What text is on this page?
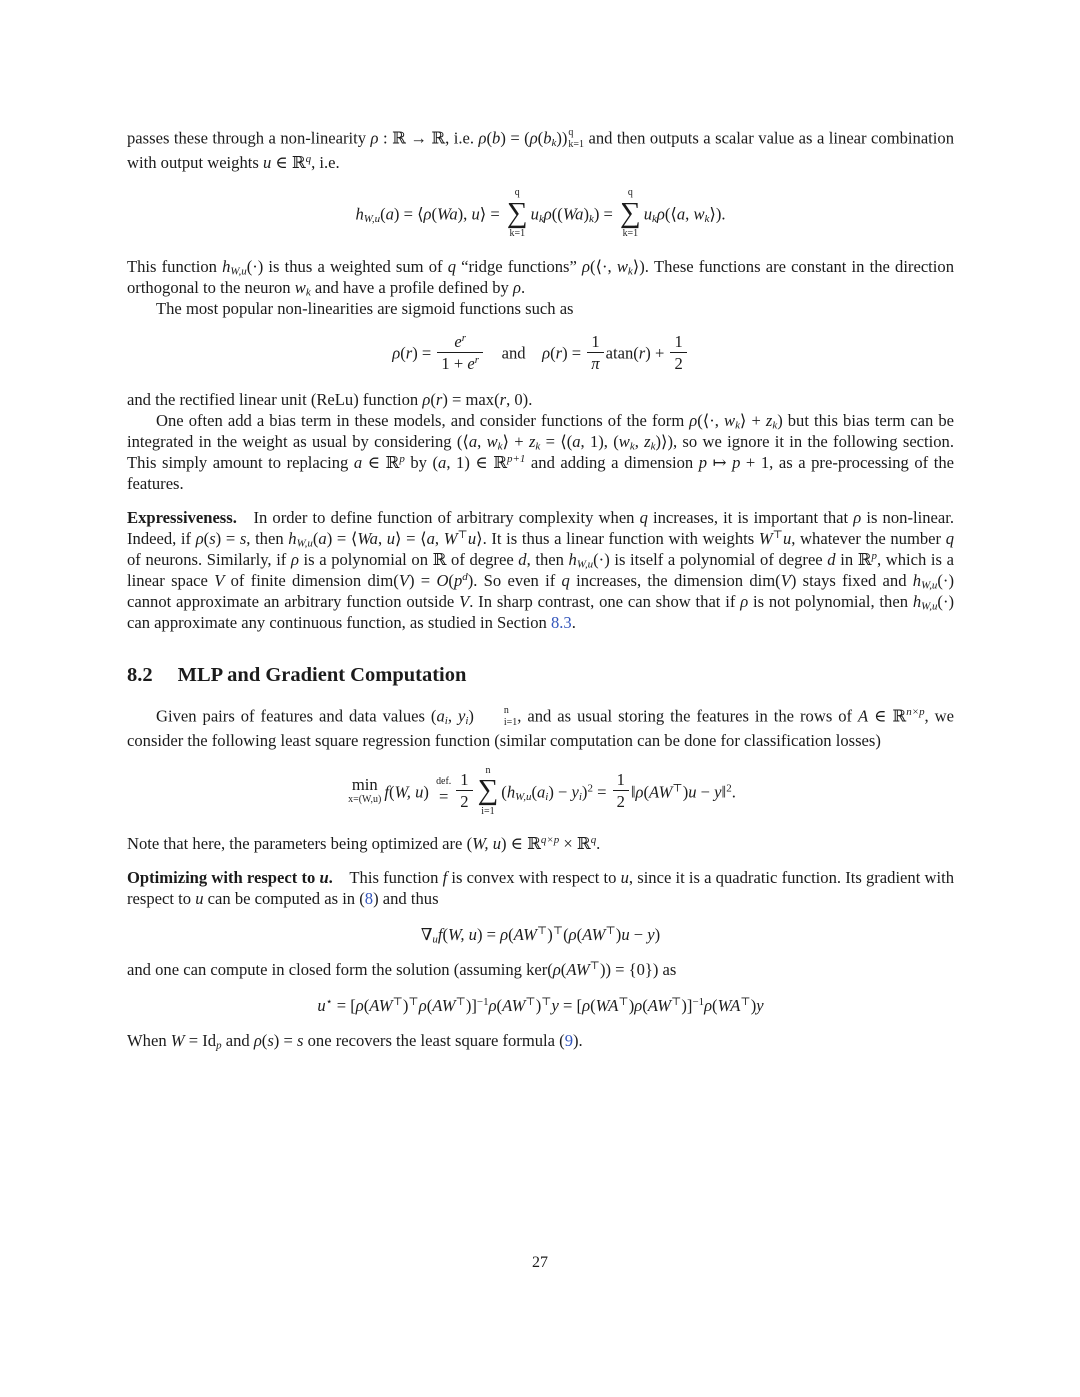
passes these through a non-linearity ρ : ℝ → ℝ, i.e. $\rho(b) = (\rho(b_k))$ q
k=1 and then outputs a scalar value as a linear combination with output weights u ∈ ℝ$^q$, i.e.

$h_{W,u}(a)$ = ⟨ρ(Wa), u⟩ =
q
∑
k=1
$u_k\rho((Wa)_k)$ =
q
∑
k=1
$u_k\rho(⟨a$, $w_k⟩$).

This function $h_{W,u}(\cdot)$ is thus a weighted sum of q “ridge functions” ρ(⟨·, $w_k⟩$). These functions are constant in the direction orthogonal to the neuron $w_k$ and have a profile defined by ρ.

The most popular non-linearities are sigmoid functions such as

$\rho(r) = \frac{e^r}{1 + e^r}$  and $\rho(r) = \frac{1}{\pi} atan(r) + \frac{1}{2}$

and the rectified linear unit (ReLu) function ρ(r) = max(r, 0).

One often add a bias term in these models, and consider functions of the form ρ(⟨·, $w_k⟩ + z_k$) but this bias term can be integrated in the weight as usual by considering (⟨a, $w_k⟩ + z_k$ = ⟨(a, 1), ($w_k$, $z_k)⟩$), so we ignore it in the following section. This simply amount to replacing a ∈ ℝ$^p$ by (a, 1) ∈ ℝ$^{p+1}$ and adding a dimension p ↦ p + 1, as a pre-processing of the features.

Expressiveness. In order to define function of arbitrary complexity when q increases, it is important that ρ is non-linear. Indeed, if ρ(s) = s, then $h_{W,u}(a)$ = ⟨Wa, u⟩ = ⟨a, W⊤u⟩. It is thus a linear function with weights W⊤u, whatever the number q of neurons. Similarly, if ρ is a polynomial on ℝ of degree d, then $h_{W,u}(\cdot)$ is itself a polynomial of degree d in ℝ$^p$, which is a linear space V of finite dimension $dim(V) = O(p^d)$. So even if q increases, the dimension dim(V) stays fixed and $h_{W,u}(\cdot)$ cannot approximate an arbitrary function outside V. In sharp contrast, one can show that if ρ is not polynomial, then $h_{W,u}(\cdot)$ can approximate any continuous function, as studied in Section 8.3.

8.2 MLP and Gradient Computation

Given pairs of features and data values ($a_i$, $y_i$)	n
i=1 , and as usual storing the features in the rows of A ∈ ℝ$^{n\times p}$, we consider the following least square regression function (similar computation can be done for classification losses)

min
x=(W,u) f(W, u)
def.
= $\frac{1}{2}$
n
∑
i=1
$(h_{W,u}(a_i) - y_i)^2 = \frac{1}{2}$ ‖ρ(AW⊤)u − y‖$^2$.

Note that here, the parameters being optimized are (W, u) ∈ ℝ$^{q\times p}$ × ℝ$^q$.

Optimizing with respect to u. This function f is convex with respect to u, since it is a quadratic function. Its gradient with respect to u can be computed as in (8) and thus

$\nabla_uf(W$, u) = ρ(AW⊤)⊤(ρ(AW⊤)u − y)

and one can compute in closed form the solution (assuming ker(ρ(AW⊤)) = {0}) as

$u^⋆ = [\rho(AW^⊤)^⊤\rho(AW^⊤)]^{-1}\rho(AW^⊤)^⊤y = [\rho(WA^⊤)\rho(AW^⊤)]^{-1}\rho(WA^⊤)y$

When $W = Id_p$ and ρ(s) = s one recovers the least square formula (9).

27
